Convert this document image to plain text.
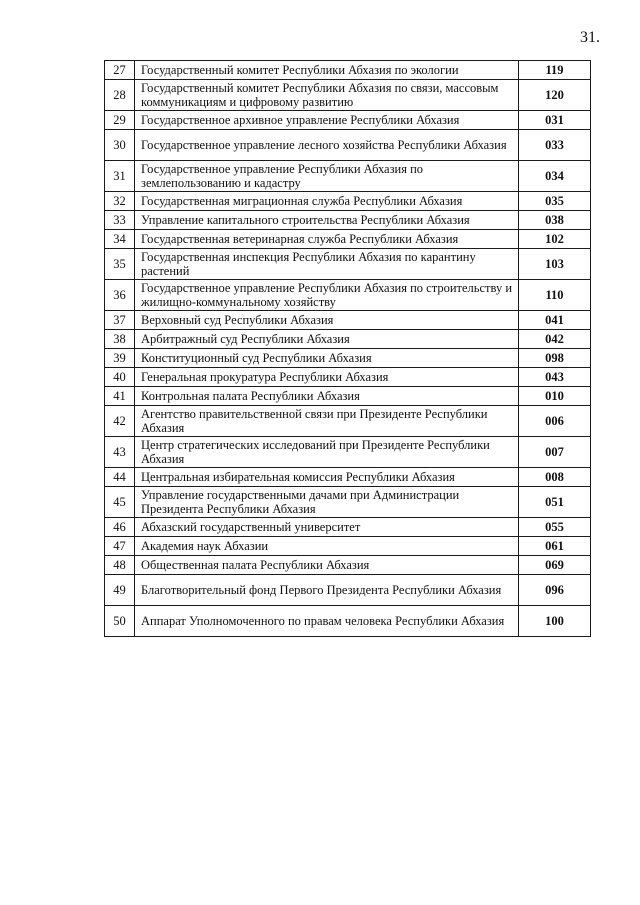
31.
27	Государственный комитет Республики Абхазия по экологии	119
28	Государственный комитет Республики Абхазия по связи, массовым коммуникациям и цифровому развитию	120
29	Государственное архивное управление Республики Абхазия	031
30	Государственное управление лесного хозяйства Республики Абхазия	033
31	Государственное управление Республики Абхазия по землепользованию и кадастру	034
32	Государственная миграционная служба Республики Абхазия	035
33	Управление капитального строительства Республики Абхазия	038
34	Государственная ветеринарная служба Республики Абхазия	102
35	Государственная инспекция Республики Абхазия по карантину растений	103
36	Государственное управление Республики Абхазия по строительству и жилищно-коммунальному хозяйству	110
37	Верховный суд Республики Абхазия	041
38	Арбитражный суд Республики Абхазия	042
39	Конституционный суд Республики Абхазия	098
40	Генеральная прокуратура Республики Абхазия	043
41	Контрольная палата Республики Абхазия	010
42	Агентство правительственной связи при Президенте Республики Абхазия	006
43	Центр стратегических исследований при Президенте Республики Абхазия	007
44	Центральная избирательная комиссия Республики Абхазия	008
45	Управление государственными дачами при Администрации Президента Республики Абхазия	051
46	Абхазский государственный университет	055
47	Академия наук Абхазии	061
48	Общественная палата Республики Абхазия	069
49	Благотворительный фонд Первого Президента Республики Абхазия	096
50	Аппарат Уполномоченного по правам человека Республики Абхазия	100
